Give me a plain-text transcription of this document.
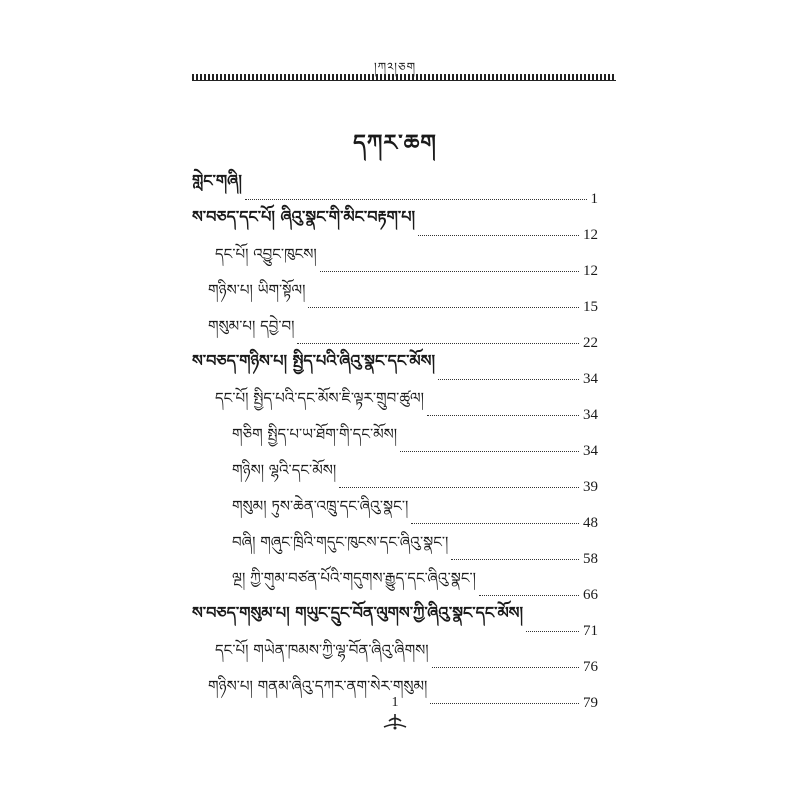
།ཀ༢།ཅག
དཀར་ཆག
གླེང་གཞི།
1
ས་བཅད་དང་པོ། ཞིའུ་སྣང་གི་མིང་བརྟག་པ།
12
དང་པོ། འབྱུང་ཁུངས།
12
གཉིས་པ། ཡིག་སྟོལ།
15
གསུམ་པ། དབྱེ་བ།
22
ས་བཅད་གཉིས་པ། སྤྱིད་པའི་ཞིའུ་སྣང་དང་མོས།
34
དང་པོ། སྤྱིད་པའི་དང་མོས་ཇི་ལྟར་གྲུབ་ཚུལ།
34
གཅིག སྤྱིད་པ་ཡ་ཐོག་གི་དང་མོས།
34
གཉིས། ལྷའི་དང་མོས།
39
གསུམ། ཏུས་ཆེན་འཁྲུ་དང་ཞིའུ་སྣང་།
48
བཞི། གཞུང་ཁྲིའི་གདུང་ཁུངས་དང་ཞིའུ་སྣང་།
58
ལྔ། ཀྱི་གུམ་བཙན་པོའི་གདུགས་རྒྱུད་དང་ཞིའུ་སྣང་།
66
ས་བཅད་གསུམ་པ། གཡུང་དྲུང་བོན་ལུགས་ཀྱི་ཞིའུ་སྣང་དང་མོས།
71
དང་པོ། གཡེན་ཁམས་ཀྱི་ལྷ་བོན་ཞིའུ་ཞིགས།
76
གཉིས་པ། གནམ་ཞིའུ་དཀར་ནག་སེར་གསུམ།
79
1
